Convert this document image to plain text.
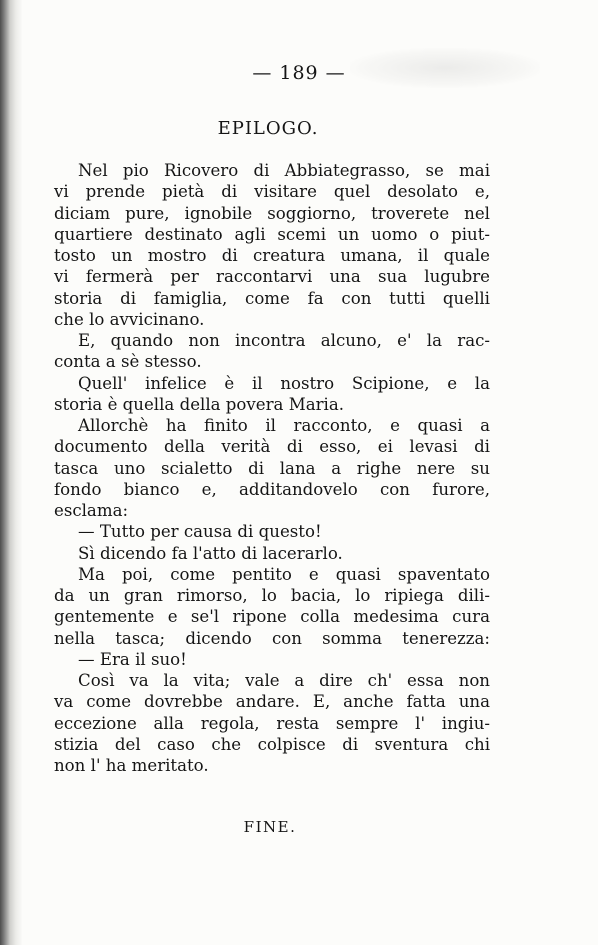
— 189 —
EPILOGO.
Nel pio Ricovero di Abbiategrasso, se mai
vi prende pietà di visitare quel desolato e,
diciam pure, ignobile soggiorno, troverete nel
quartiere destinato agli scemi un uomo o piut-
tosto un mostro di creatura umana, il quale
vi fermerà per raccontarvi una sua lugubre
storia di famiglia, come fa con tutti quelli
che lo avvicinano.
E, quando non incontra alcuno, e' la rac-
conta a sè stesso.
Quell' infelice è il nostro Scipione, e la
storia è quella della povera Maria.
Allorchè ha finito il racconto, e quasi a
documento della verità di esso, ei levasi di
tasca uno scialetto di lana a righe nere su
fondo bianco e, additandovelo con furore,
esclama:
— Tutto per causa di questo!
Sì dicendo fa l'atto di lacerarlo.
Ma poi, come pentito e quasi spaventato
da un gran rimorso, lo bacia, lo ripiega dili-
gentemente e se'l ripone colla medesima cura
nella tasca; dicendo con somma tenerezza:
— Era il suo!
Così va la vita; vale a dire ch' essa non
va come dovrebbe andare. E, anche fatta una
eccezione alla regola, resta sempre l' ingiu-
stizia del caso che colpisce di sventura chi
non l' ha meritato.
FINE.
